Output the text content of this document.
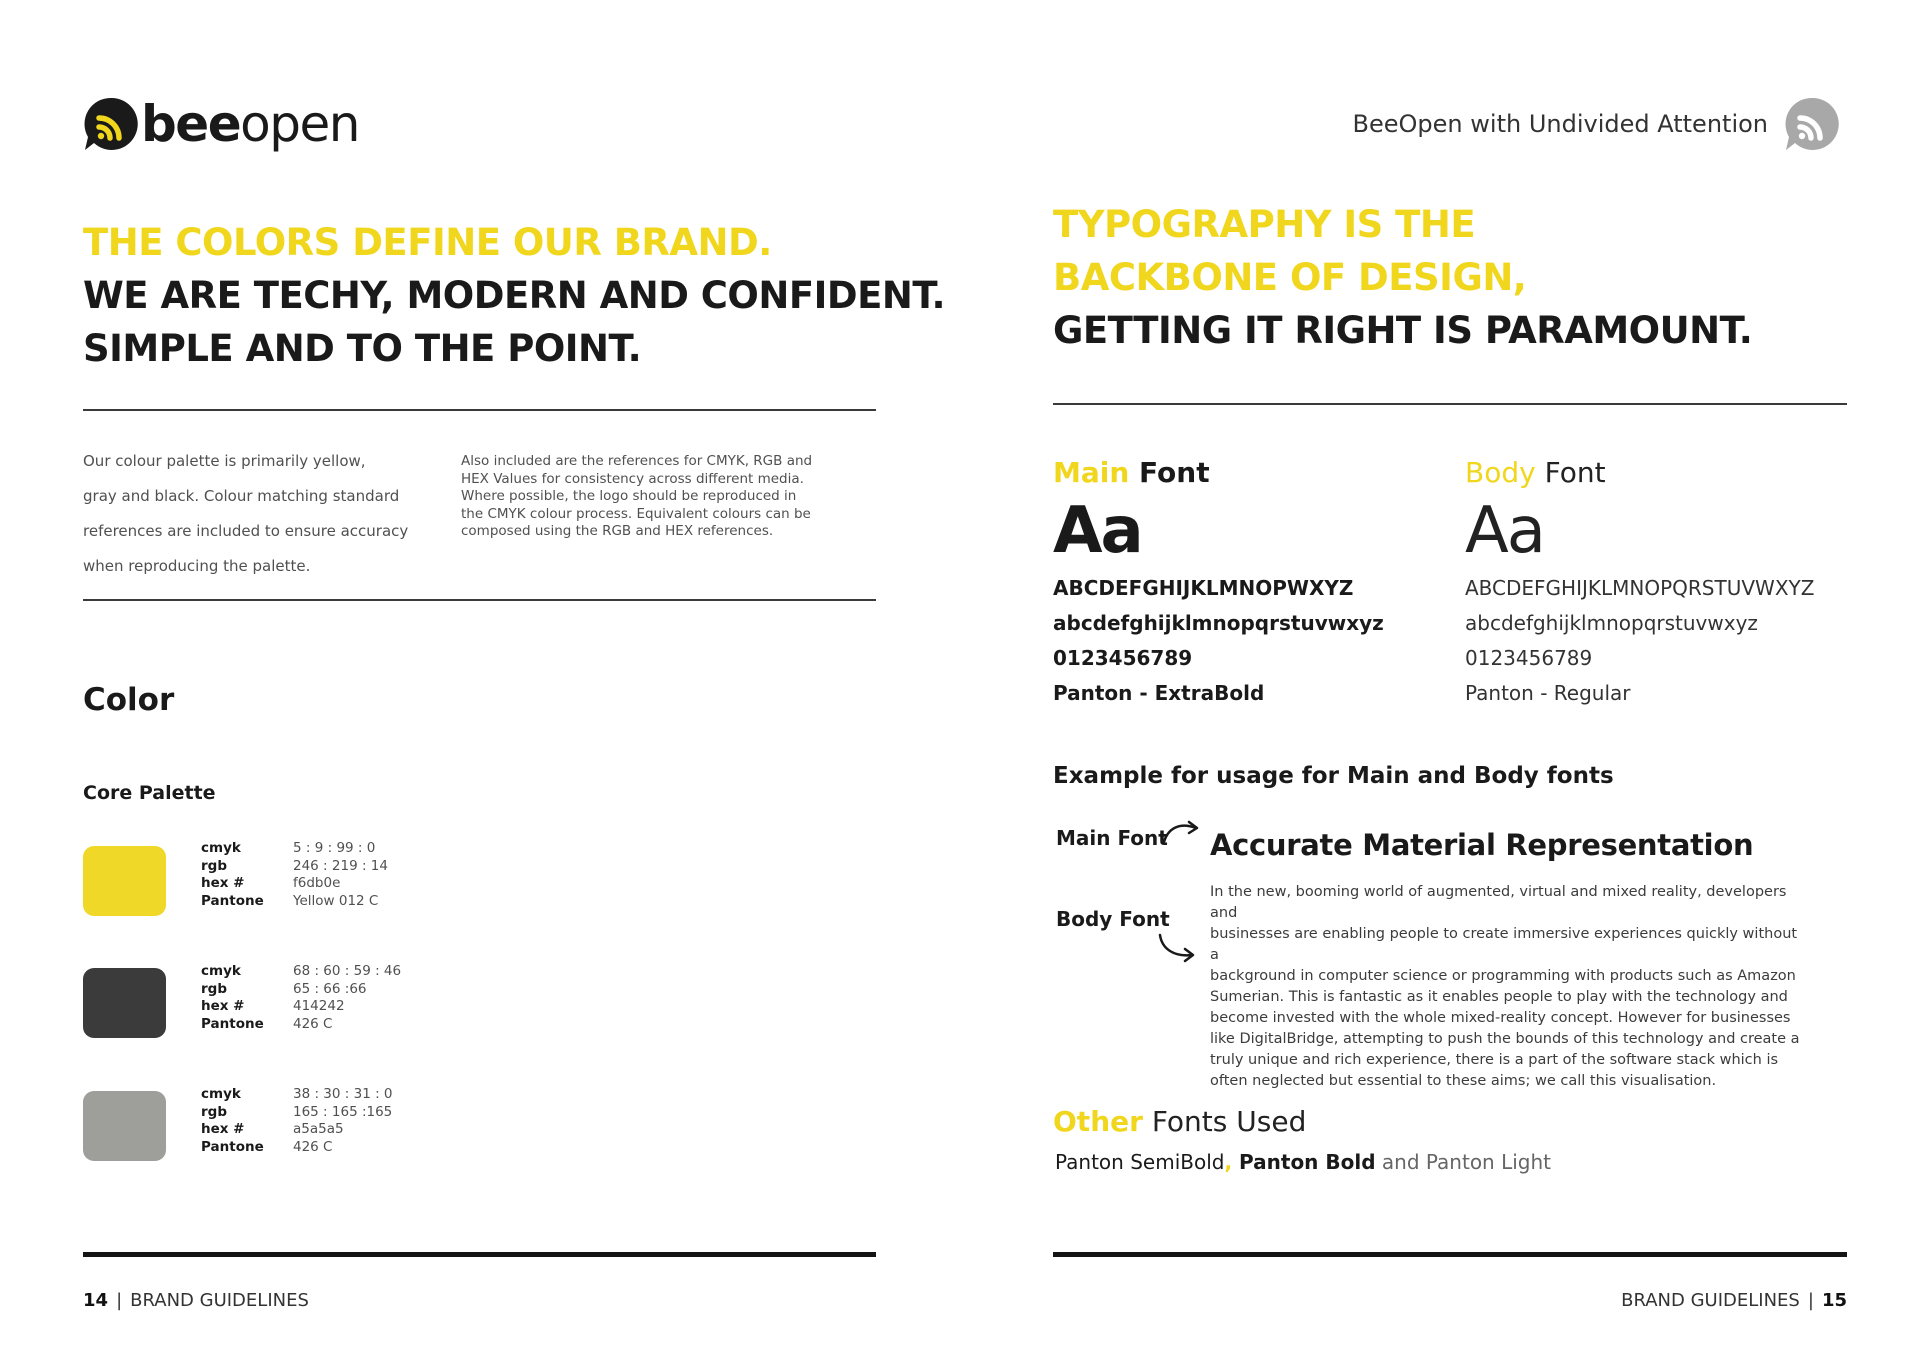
beeopen
THE COLORS DEFINE OUR BRAND.
WE ARE TECHY, MODERN AND CONFIDENT.
SIMPLE AND TO THE POINT.
Our colour palette is primarily yellow,
gray and black. Colour matching standard
references are included to ensure accuracy
when reproducing the palette.
Also included are the references for CMYK, RGB and
HEX Values for consistency across different media.
Where possible, the logo should be reproduced in
the CMYK colour process. Equivalent colours can be
composed using the RGB and HEX references.
Color
Core Palette
cmyk	5 : 9 : 99 : 0
rgb	246 : 219 : 14
hex #	f6db0e
Pantone	Yellow 012 C
cmyk	68 : 60 : 59 : 46
rgb	65 : 66 :66
hex #	414242
Pantone	426 C
cmyk	38 : 30 : 31 : 0
rgb	165 : 165 :165
hex #	a5a5a5
Pantone	426 C
14 | BRAND GUIDELINES
BeeOpen with Undivided Attention
TYPOGRAPHY IS THE
BACKBONE OF DESIGN,
GETTING IT RIGHT IS PARAMOUNT.
Main Font
Aa
ABCDEFGHIJKLMNOPWXYZ
abcdefghijklmnopqrstuvwxyz
0123456789
Panton - ExtraBold
Body Font
Aa
ABCDEFGHIJKLMNOPQRSTUVWXYZ
abcdefghijklmnopqrstuvwxyz
0123456789
Panton - Regular
Example for usage for Main and Body fonts
Main Font
Body Font
Accurate Material Representation
In the new, booming world of augmented, virtual and mixed reality, developers and
businesses are enabling people to create immersive experiences quickly without a
background in computer science or programming with products such as Amazon
Sumerian. This is fantastic as it enables people to play with the technology and
become invested with the whole mixed-reality concept. However for businesses
like DigitalBridge, attempting to push the bounds of this technology and create a
truly unique and rich experience, there is a part of the software stack which is
often neglected but essential to these aims; we call this visualisation.
Other Fonts Used
Panton SemiBold, Panton Bold and Panton Light
BRAND GUIDELINES | 15
